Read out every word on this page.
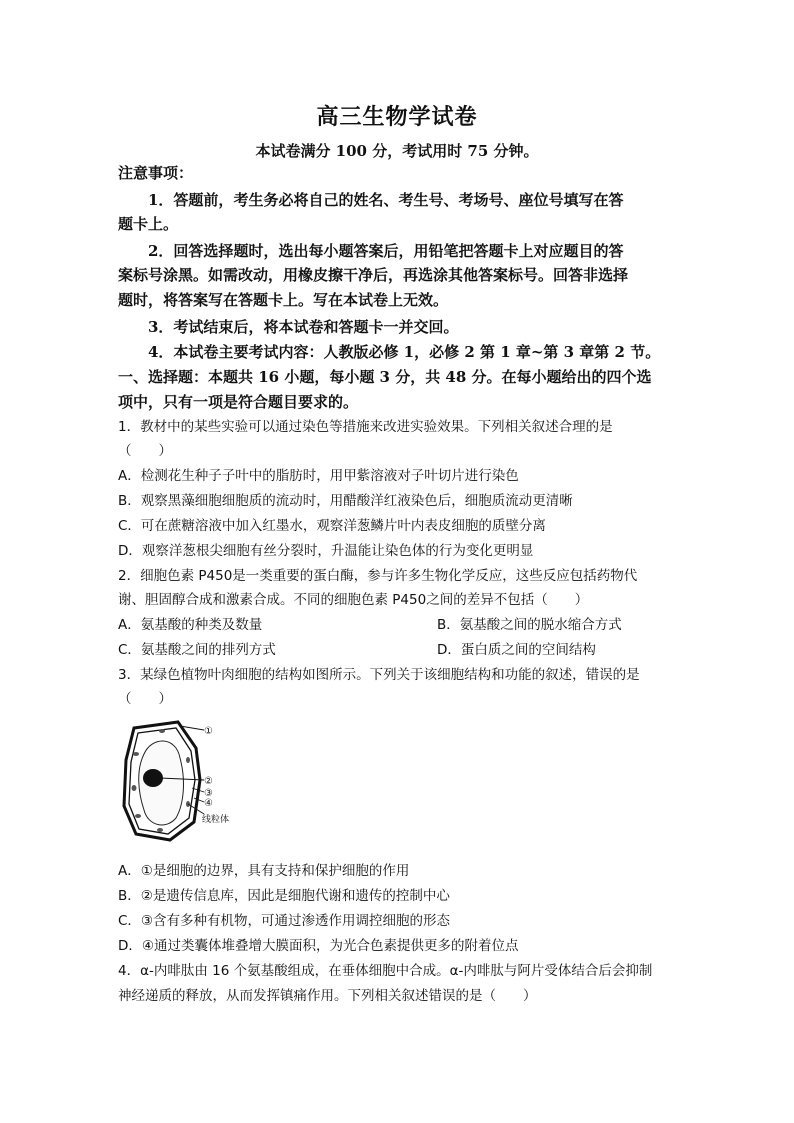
高三生物学试卷
本试卷满分 100 分，考试用时 75 分钟。
注意事项：
1．答题前，考生务必将自己的姓名、考生号、考场号、座位号填写在答
题卡上。
2．回答选择题时，选出每小题答案后，用铅笔把答题卡上对应题目的答
案标号涂黑。如需改动，用橡皮擦干净后，再选涂其他答案标号。回答非选择
题时，将答案写在答题卡上。写在本试卷上无效。
3．考试结束后，将本试卷和答题卡一并交回。
4．本试卷主要考试内容：人教版必修 1，必修 2 第 1 章~第 3 章第 2 节。
一、选择题：本题共 16 小题，每小题 3 分，共 48 分。在每小题给出的四个选
项中，只有一项是符合题目要求的。
1．教材中的某些实验可以通过染色等措施来改进实验效果。下列相关叙述合理的是
（　　）
A．检测花生种子子叶中的脂肪时，用甲紫溶液对子叶切片进行染色
B．观察黑藻细胞细胞质的流动时，用醋酸洋红液染色后，细胞质流动更清晰
C．可在蔗糖溶液中加入红墨水，观察洋葱鳞片叶内表皮细胞的质壁分离
D．观察洋葱根尖细胞有丝分裂时，升温能让染色体的行为变化更明显
2．细胞色素 P450是一类重要的蛋白酶，参与许多生物化学反应，这些反应包括药物代
谢、胆固醇合成和激素合成。不同的细胞色素 P450之间的差异不包括（　　）
A．氨基酸的种类及数量	B．氨基酸之间的脱水缩合方式
C．氨基酸之间的排列方式	D．蛋白质之间的空间结构
3．某绿色植物叶肉细胞的结构如图所示。下列关于该细胞结构和功能的叙述，错误的是
（　　）
①
②
③
④
线粒体
A．①是细胞的边界，具有支持和保护细胞的作用
B．②是遗传信息库，因此是细胞代谢和遗传的控制中心
C．③含有多种有机物，可通过渗透作用调控细胞的形态
D．④通过类囊体堆叠增大膜面积，为光合色素提供更多的附着位点
4．α-内啡肽由 16 个氨基酸组成，在垂体细胞中合成。α-内啡肽与阿片受体结合后会抑制
神经递质的释放，从而发挥镇痛作用。下列相关叙述错误的是（　　）
